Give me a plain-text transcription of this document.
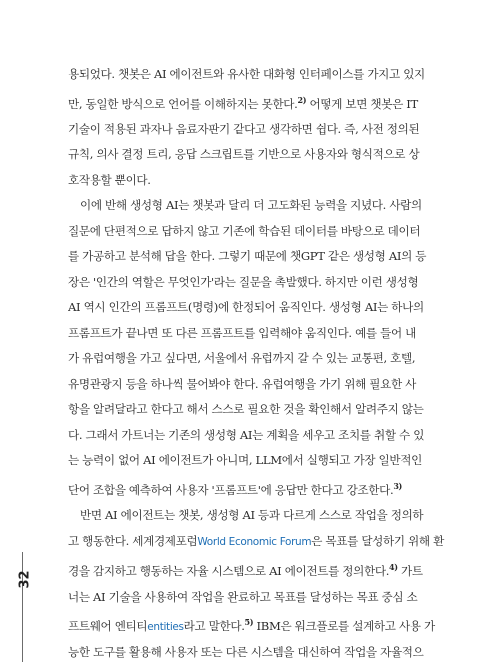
용되었다. 챗봇은 AI 에이전트와 유사한 대화형 인터페이스를 가지고 있지
만, 동일한 방식으로 언어를 이해하지는 못한다.$^{2)}$ 어떻게 보면 챗봇은 IT
기술이 적용된 과자나 음료자판기 같다고 생각하면 쉽다. 즉, 사전 정의된
규칙, 의사 결정 트리, 응답 스크립트를 기반으로 사용자와 형식적으로 상
호작용할 뿐이다.

이에 반해 생성형 AI는 챗봇과 달리 더 고도화된 능력을 지녔다. 사람의
질문에 단편적으로 답하지 않고 기존에 학습된 데이터를 바탕으로 데이터
를 가공하고 분석해 답을 한다. 그렇기 때문에 챗GPT 같은 생성형 AI의 등
장은 '인간의 역할은 무엇인가'라는 질문을 촉발했다. 하지만 이런 생성형
AI 역시 인간의 프롬프트(명령)에 한정되어 움직인다. 생성형 AI는 하나의
프롬프트가 끝나면 또 다른 프롬프트를 입력해야 움직인다. 예를 들어 내
가 유럽여행을 가고 싶다면, 서울에서 유럽까지 갈 수 있는 교통편, 호텔,
유명관광지 등을 하나씩 물어봐야 한다. 유럽여행을 가기 위해 필요한 사
항을 알려달라고 한다고 해서 스스로 필요한 것을 확인해서 알려주지 않는
다. 그래서 가트너는 기존의 생성형 AI는 계획을 세우고 조치를 취할 수 있
는 능력이 없어 AI 에이전트가 아니며, LLM에서 실행되고 가장 일반적인
단어 조합을 예측하여 사용자 '프롬프트'에 응답만 한다고 강조한다.$^{3)}$

반면 AI 에이전트는 챗봇, 생성형 AI 등과 다르게 스스로 작업을 정의하
고 행동한다. 세계경제포럼World Economic Forum은 목표를 달성하기 위해 환
경을 감지하고 행동하는 자율 시스템으로 AI 에이전트를 정의한다.$^{4)}$ 가트
너는 AI 기술을 사용하여 작업을 완료하고 목표를 달성하는 목표 중심 소
프트웨어 엔티티entities라고 말한다.$^{5)}$ IBM은 워크플로를 설계하고 사용 가
능한 도구를 활용해 사용자 또는 다른 시스템을 대신하여 작업을 자율적으

32
